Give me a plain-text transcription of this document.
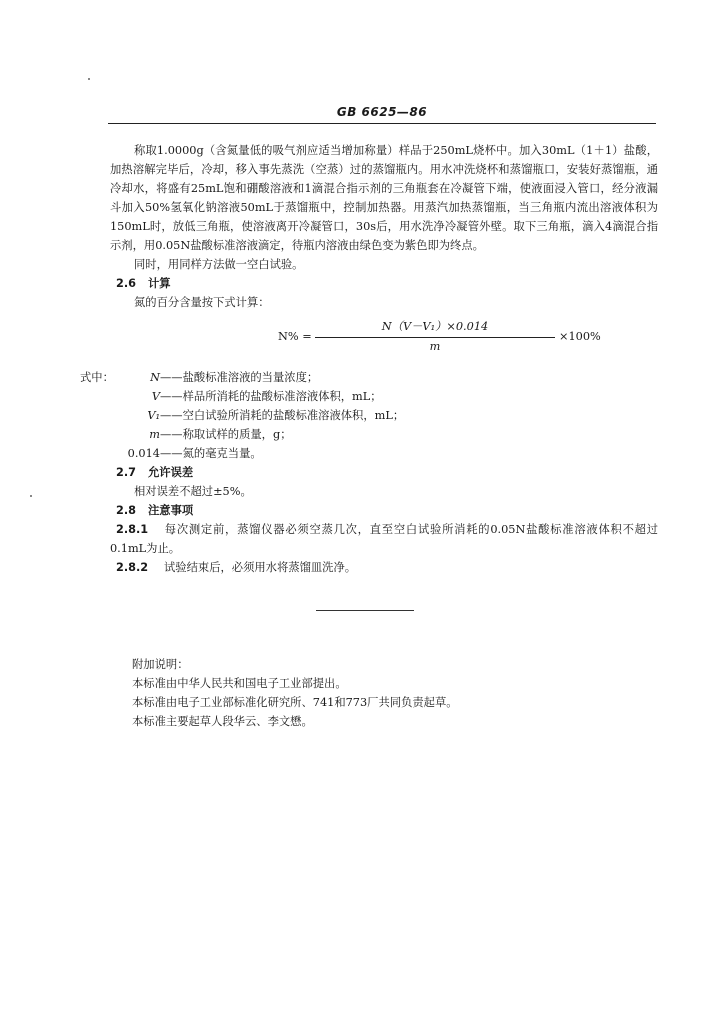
GB 6625—86

称取1.0000g（含氮量低的吸气剂应适当增加称量）样品于250mL烧杯中。加入30mL（1＋1）盐酸，加热溶解完毕后，冷却，移入事先蒸洗（空蒸）过的蒸馏瓶内。用水冲洗烧杯和蒸馏瓶口，安装好蒸馏瓶，通冷却水，将盛有25mL饱和硼酸溶液和1滴混合指示剂的三角瓶套在冷凝管下端，使液面浸入管口，经分液漏斗加入50%氢氧化钠溶液50mL于蒸馏瓶中，控制加热器。用蒸汽加热蒸馏瓶，当三角瓶内流出溶液体积为150mL时，放低三角瓶，使溶液离开冷凝管口，30s后，用水洗净冷凝管外壁。取下三角瓶，滴入4滴混合指示剂，用0.05N盐酸标准溶液滴定，待瓶内溶液由绿色变为紫色即为终点。

同时，用同样方法做一空白试验。

2.6 计算

氮的百分含量按下式计算：

N% =
N（V－V₁）×0.014
m
×100%
式中：	N——盐酸标准溶液的当量浓度；
V——样品所消耗的盐酸标准溶液体积，mL；
V₁——空白试验所消耗的盐酸标准溶液体积，mL；
m——称取试样的质量，g；
0.014——氮的毫克当量。

2.7 允许误差

相对误差不超过±5%。

2.8 注意事项

2.8.1 每次测定前，蒸馏仪器必须空蒸几次，直至空白试验所消耗的0.05N盐酸标准溶液体积不超过0.1mL为止。

2.8.2 试验结束后，必须用水将蒸馏皿洗净。

附加说明：

本标准由中华人民共和国电子工业部提出。

本标准由电子工业部标准化研究所、741和773厂共同负责起草。

本标准主要起草人段华云、李文懋。
